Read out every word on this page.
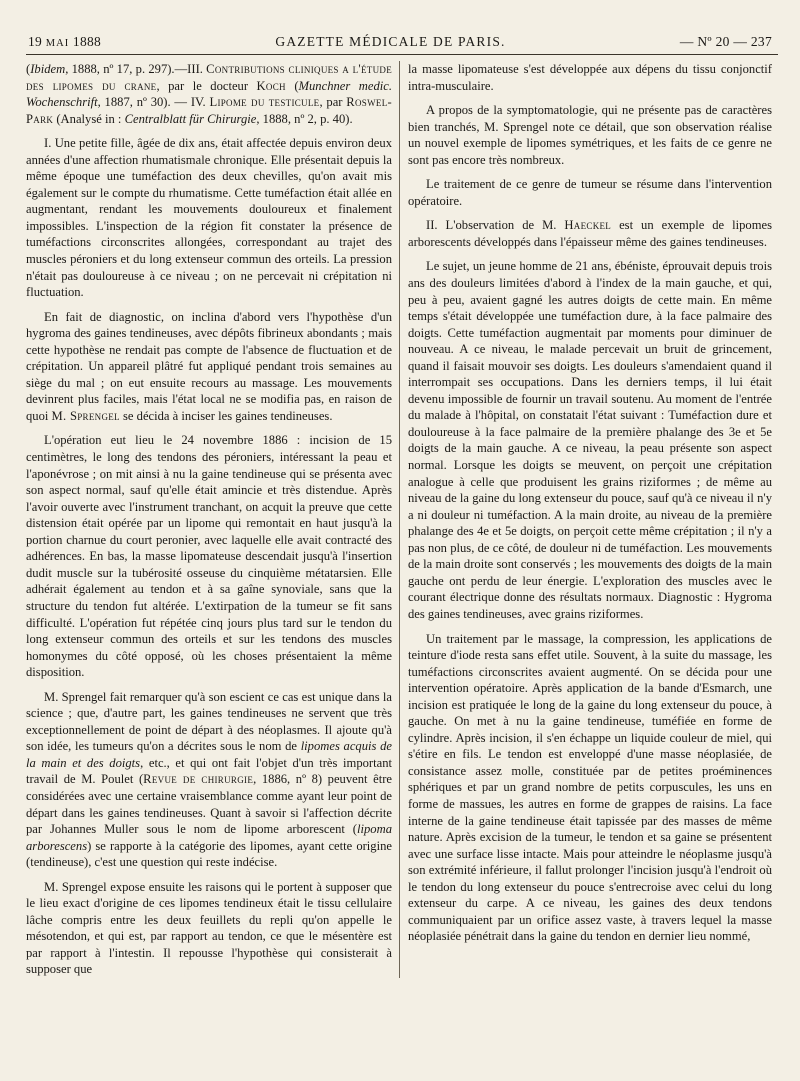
19 MAI 1888	GAZETTE MÉDICALE DE PARIS.	— Nº 20 — 237

(Ibidem, 1888, nº 17, p. 297).—III. Contributions cliniques a l'étude des lipomes du crane, par le docteur Koch (Munchner medic. Wochenschrift, 1887, nº 30). — IV. Lipome du testicule, par Roswel-Park (Analysé in : Centralblatt für Chirurgie, 1888, nº 2, p. 40).

I. Une petite fille, âgée de dix ans, était affectée depuis environ deux années d'une affection rhumatismale chronique. Elle présentait depuis la même époque une tuméfaction des deux chevilles, qu'on avait mis également sur le compte du rhumatisme. Cette tuméfaction était allée en augmentant, rendant les mouvements douloureux et finalement impossibles. L'inspection de la région fit constater la présence de tuméfactions circonscrites allongées, correspondant au trajet des muscles péroniers et du long extenseur commun des orteils. La pression n'était pas douloureuse à ce niveau ; on ne percevait ni crépitation ni fluctuation.

En fait de diagnostic, on inclina d'abord vers l'hypothèse d'un hygroma des gaines tendineuses, avec dépôts fibrineux abondants ; mais cette hypothèse ne rendait pas compte de l'absence de fluctuation et de crépitation. Un appareil plâtré fut appliqué pendant trois semaines au siège du mal ; on eut ensuite recours au massage. Les mouvements devinrent plus faciles, mais l'état local ne se modifia pas, en raison de quoi M. Sprengel se décida à inciser les gaines tendineuses.

L'opération eut lieu le 24 novembre 1886 : incision de 15 centimètres, le long des tendons des péroniers, intéressant la peau et l'aponévrose ; on mit ainsi à nu la gaine tendineuse qui se présenta avec son aspect normal, sauf qu'elle était amincie et très distendue. Après l'avoir ouverte avec l'instrument tranchant, on acquit la preuve que cette distension était opérée par un lipome qui remontait en haut jusqu'à la portion charnue du court peronier, avec laquelle elle avait contracté des adhérences. En bas, la masse lipomateuse descendait jusqu'à l'insertion dudit muscle sur la tubérosité osseuse du cinquième métatarsien. Elle adhérait également au tendon et à sa gaîne synoviale, sans que la structure du tendon fut altérée. L'extirpation de la tumeur se fit sans difficulté. L'opération fut répétée cinq jours plus tard sur le tendon du long extenseur commun des orteils et sur les tendons des muscles homonymes du côté opposé, où les choses présentaient la même disposition.

M. Sprengel fait remarquer qu'à son escient ce cas est unique dans la science ; que, d'autre part, les gaines tendineuses ne servent que très exceptionnellement de point de départ à des néoplasmes. Il ajoute qu'à son idée, les tumeurs qu'on a décrites sous le nom de lipomes acquis de la main et des doigts, etc., et qui ont fait l'objet d'un très important travail de M. Poulet (Revue de chirurgie, 1886, nº 8) peuvent être considérées avec une certaine vraisemblance comme ayant leur point de départ dans les gaines tendineuses. Quant à savoir si l'affection décrite par Johannes Muller sous le nom de lipome arborescent (lipoma arborescens) se rapporte à la catégorie des lipomes, ayant cette origine (tendineuse), c'est une question qui reste indécise.

M. Sprengel expose ensuite les raisons qui le portent à supposer que le lieu exact d'origine de ces lipomes tendineux était le tissu cellulaire lâche compris entre les deux feuillets du repli qu'on appelle le mésotendon, et qui est, par rapport au tendon, ce que le mésentère est par rapport à l'intestin. Il repousse l'hypothèse qui consisterait à supposer que

la masse lipomateuse s'est développée aux dépens du tissu conjonctif intra-musculaire.

A propos de la symptomatologie, qui ne présente pas de caractères bien tranchés, M. Sprengel note ce détail, que son observation réalise un nouvel exemple de lipomes symétriques, et les faits de ce genre ne sont pas encore très nombreux.

Le traitement de ce genre de tumeur se résume dans l'intervention opératoire.

II. L'observation de M. Haeckel est un exemple de lipomes arborescents développés dans l'épaisseur même des gaines tendineuses.

Le sujet, un jeune homme de 21 ans, ébéniste, éprouvait depuis trois ans des douleurs limitées d'abord à l'index de la main gauche, et qui, peu à peu, avaient gagné les autres doigts de cette main. En même temps s'était développée une tuméfaction dure, à la face palmaire des doigts. Cette tuméfaction augmentait par moments pour diminuer de nouveau. A ce niveau, le malade percevait un bruit de grincement, quand il faisait mouvoir ses doigts. Les douleurs s'amendaient quand il interrompait ses occupations. Dans les derniers temps, il lui était devenu impossible de fournir un travail soutenu. Au moment de l'entrée du malade à l'hôpital, on constatait l'état suivant : Tuméfaction dure et douloureuse à la face palmaire de la première phalange des 3e et 5e doigts de la main gauche. A ce niveau, la peau présente son aspect normal. Lorsque les doigts se meuvent, on perçoit une crépitation analogue à celle que produisent les grains riziformes ; de même au niveau de la gaine du long extenseur du pouce, sauf qu'à ce niveau il n'y a ni douleur ni tuméfaction. A la main droite, au niveau de la première phalange des 4e et 5e doigts, on perçoit cette même crépitation ; il n'y a pas non plus, de ce côté, de douleur ni de tuméfaction. Les mouvements de la main droite sont conservés ; les mouvements des doigts de la main gauche ont perdu de leur énergie. L'exploration des muscles avec le courant électrique donne des résultats normaux. Diagnostic : Hygroma des gaines tendineuses, avec grains riziformes.

Un traitement par le massage, la compression, les applications de teinture d'iode resta sans effet utile. Souvent, à la suite du massage, les tuméfactions circonscrites avaient augmenté. On se décida pour une intervention opératoire. Après application de la bande d'Esmarch, une incision est pratiquée le long de la gaine du long extenseur du pouce, à gauche. On met à nu la gaine tendineuse, tuméfiée en forme de cylindre. Après incision, il s'en échappe un liquide couleur de miel, qui s'étire en fils. Le tendon est enveloppé d'une masse néoplasiée, de consistance assez molle, constituée par de petites proéminences sphériques et par un grand nombre de petits corpuscules, les uns en forme de massues, les autres en forme de grappes de raisins. La face interne de la gaine tendineuse était tapissée par des masses de même nature. Après excision de la tumeur, le tendon et sa gaine se présentent avec une surface lisse intacte. Mais pour atteindre le néoplasme jusqu'à son extrémité inférieure, il fallut prolonger l'incision jusqu'à l'endroit où le tendon du long extenseur du pouce s'entrecroise avec celui du long extenseur du carpe. A ce niveau, les gaines des deux tendons communiquaient par un orifice assez vaste, à travers lequel la masse néoplasiée pénétrait dans la gaine du tendon en dernier lieu nommé,
